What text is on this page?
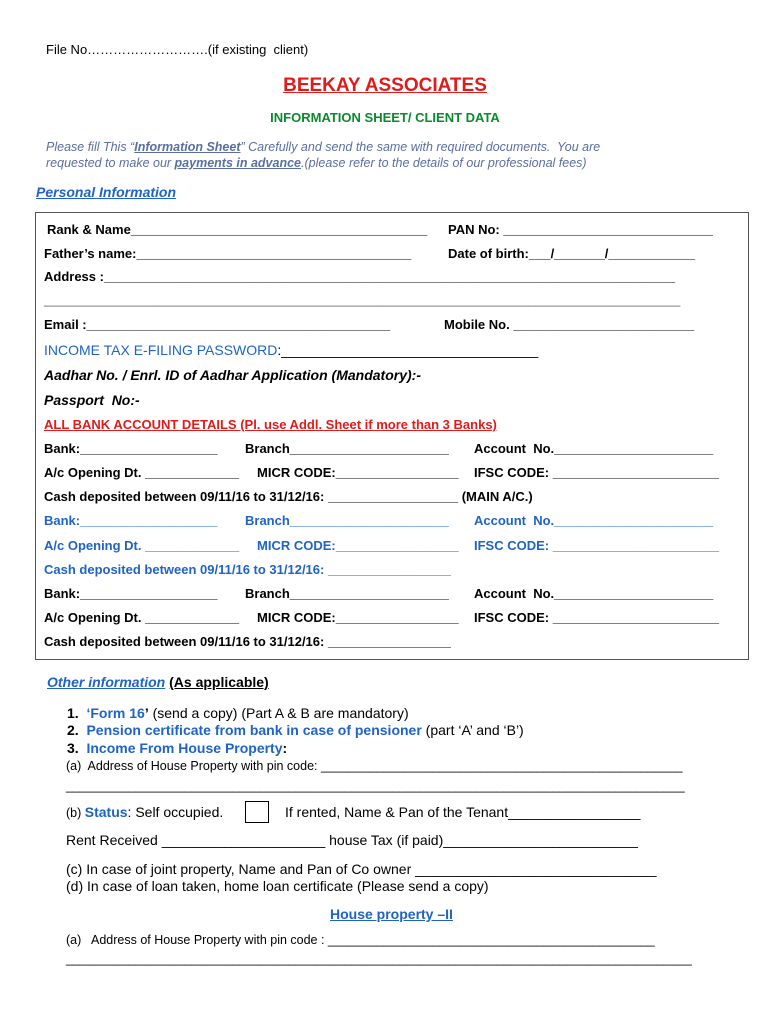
File No……………………….(if existing  client)
BEEKAY ASSOCIATES
INFORMATION SHEET/ CLIENT DATA
Please fill This “Information Sheet” Carefully and send the same with required documents.  You are
requested to make our payments in advance.(please refer to the details of our professional fees)
Personal Information
Rank & Name_________________________________________ PAN No: _____________________________
Father’s name:______________________________________	Date of birth:___/_______/____________
Address :_______________________________________________________________________________
________________________________________________________________________________________
Email :__________________________________________	Mobile No. _________________________
INCOME TAX E-FILING PASSWORD:_________________________________
Aadhar No. / Enrl. ID of Aadhar Application (Mandatory):-
Passport  No:-
ALL BANK ACCOUNT DETAILS (Pl. use Addl. Sheet if more than 3 Banks)
Bank:___________________ Branch______________________ Account  No.______________________
A/c Opening Dt. _____________ MICR CODE:_________________ IFSC CODE: _______________________
Cash deposited between 09/11/16 to 31/12/16: __________________ (MAIN A/C.)
Bank:___________________ Branch______________________ Account  No.______________________
A/c Opening Dt. _____________ MICR CODE:_________________ IFSC CODE: _______________________
Cash deposited between 09/11/16 to 31/12/16: _________________
Bank:___________________ Branch______________________ Account  No.______________________
A/c Opening Dt. _____________ MICR CODE:_________________ IFSC CODE: _______________________
Cash deposited between 09/11/16 to 31/12/16: _________________
Other information (As applicable)
1. ‘Form 16’ (send a copy) (Part A & B are mandatory)
2. Pension certificate from bank in case of pensioner (part ‘A’ and ‘B’)
3. Income From House Property:
(a)  Address of House Property with pin code: ____________________________________________________
_________________________________________________________________________________________
(b) Status: Self occupied.	If rented, Name & Pan of the Tenant_________________
Rent Received _____________________ house Tax (if paid)_________________________
(c) In case of joint property, Name and Pan of Co owner _______________________________
(d) In case of loan taken, home loan certificate (Please send a copy)
House property –II
(a)   Address of House Property with pin code : _______________________________________________
__________________________________________________________________________________________
